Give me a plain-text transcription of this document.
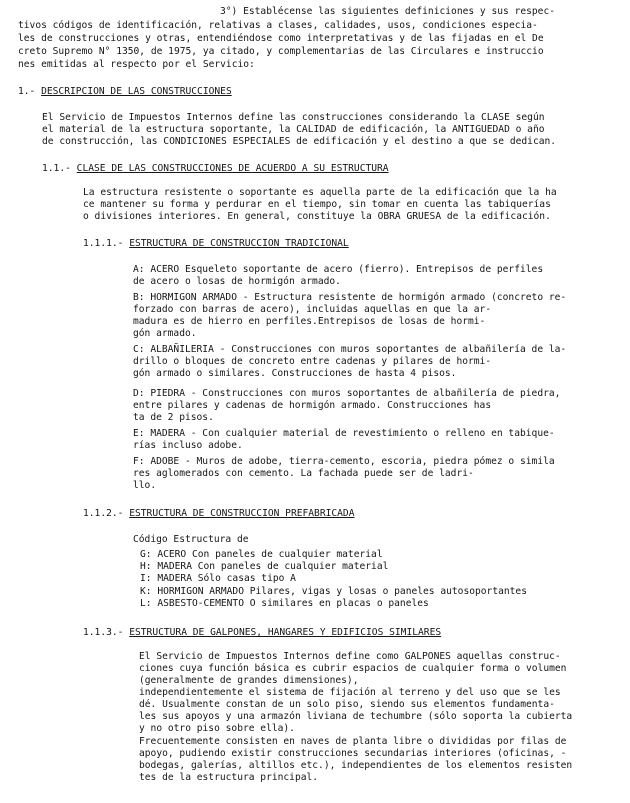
3°) Establécense las siguientes definiciones y sus respec-
tivos códigos de identificación, relativas a clases, calidades, usos, condiciones especia-
les de construcciones y otras, entendiéndose como interpretativas y de las fijadas en el De
creto Supremo N° 1350, de 1975, ya citado, y complementarias de las Circulares e instruccio
nes emitidas al respecto por el Servicio:
1.- DESCRIPCION DE LAS CONSTRUCCIONES
El Servicio de Impuestos Internos define las construcciones considerando la CLASE según
el material de la estructura soportante, la CALIDAD de edificación, la ANTIGUEDAD o año
de construcción, las CONDICIONES ESPECIALES de edificación y el destino a que se dedican.
1.1.- CLASE DE LAS CONSTRUCCIONES DE ACUERDO A SU ESTRUCTURA
La estructura resistente o soportante es aquella parte de la edificación que la ha
ce mantener su forma y perdurar en el tiempo, sin tomar en cuenta las tabiquerías
o divisiones interiores. En general, constituye la OBRA GRUESA de la edificación.
1.1.1.- ESTRUCTURA DE CONSTRUCCION TRADICIONAL
A: ACERO Esqueleto soportante de acero (fierro). Entrepisos de perfiles
de acero o losas de hormigón armado.
B: HORMIGON ARMADO - Estructura resistente de hormigón armado (concreto re-
forzado con barras de acero), incluidas aquellas en que la ar-
madura es de hierro en perfiles.Entrepisos de losas de hormi-
gón armado.
C: ALBAÑILERIA - Construcciones con muros soportantes de albañilería de la-
drillo o bloques de concreto entre cadenas y pilares de hormi-
gón armado o similares. Construcciones de hasta 4 pisos.
D: PIEDRA - Construcciones con muros soportantes de albañilería de piedra,
entre pilares y cadenas de hormigón armado. Construcciones has
ta de 2 pisos.
E: MADERA - Con cualquier material de revestimiento o relleno en tabique-
rías incluso adobe.
F: ADOBE - Muros de adobe, tierra-cemento, escoria, piedra pómez o simila
res aglomerados con cemento. La fachada puede ser de ladri-
llo.
1.1.2.- ESTRUCTURA DE CONSTRUCCION PREFABRICADA
Código Estructura de
G: ACERO Con paneles de cualquier material
H: MADERA Con paneles de cualquier material
I: MADERA Sólo casas tipo A
K: HORMIGON ARMADO Pilares, vigas y losas o paneles autosoportantes
L: ASBESTO-CEMENTO O similares en placas o paneles
1.1.3.- ESTRUCTURA DE GALPONES, HANGARES Y EDIFICIOS SIMILARES
El Servicio de Impuestos Internos define como GALPONES aquellas construc-
ciones cuya función básica es cubrir espacios de cualquier forma o volumen
(generalmente de grandes dimensiones),
independientemente el sistema de fijación al terreno y del uso que se les
dé. Usualmente constan de un solo piso, siendo sus elementos fundamenta-
les sus apoyos y una armazón liviana de techumbre (sólo soporta la cubierta
y no otro piso sobre ella).
Frecuentemente consisten en naves de planta libre o divididas por filas de
apoyo, pudiendo existir construcciones secundarias interiores (oficinas, -
bodegas, galerías, altillos etc.), independientes de los elementos resisten
tes de la estructura principal.
